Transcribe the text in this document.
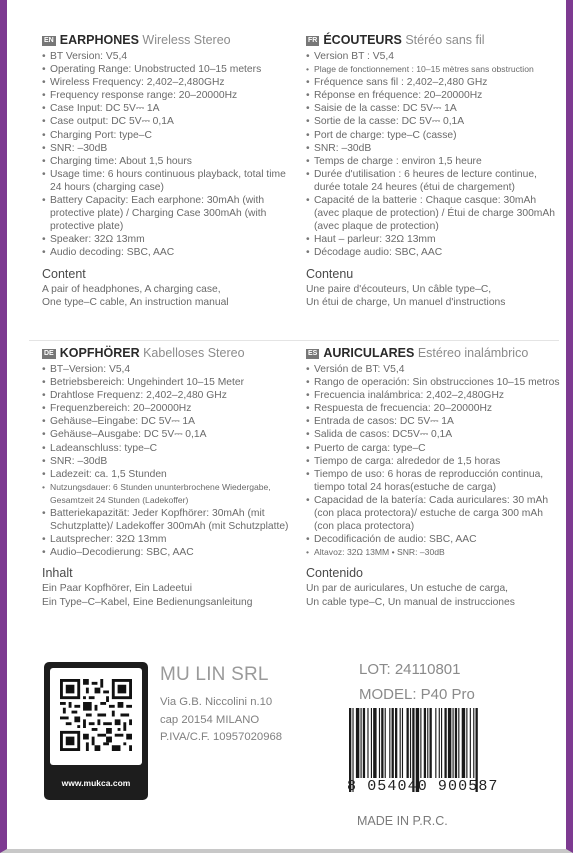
EN EARPHONES Wireless Stereo
• BT Version: V5,4
• Operating Range: Unobstructed 10–15 meters
• Wireless Frequency: 2,402–2,480GHz
• Frequency response range: 20–20000Hz
• Case Input: DC 5V⎓ 1A
• Case output: DC 5V⎓ 0,1A
• Charging Port: type–C
• SNR: –30dB
• Charging time: About 1,5 hours
• Usage time: 6 hours continuous playback, total time 24 hours (charging case)
• Battery Capacity: Each earphone: 30mAh (with protective plate) / Charging Case 300mAh (with protective plate)
• Speaker: 32Ω 13mm
• Audio decoding: SBC, AAC
Content

A pair of headphones, A charging case,

One type–C cable, An instruction manual

FR ÉCOUTEURS Stéréo sans fil
• Version BT : V5,4
• Plage de fonctionnement : 10–15 mètres sans obstruction
• Fréquence sans fil : 2,402–2,480 GHz
• Réponse en fréquence: 20–20000Hz
• Saisie de la casse: DC 5V⎓ 1A
• Sortie de la casse: DC 5V⎓ 0,1A
• Port de charge: type–C (casse)
• SNR: –30dB
• Temps de charge : environ 1,5 heure
• Durée d'utilisation : 6 heures de lecture continue, durée totale 24 heures (étui de chargement)
• Capacité de la batterie : Chaque casque: 30mAh (avec plaque de protection) / Étui de charge 300mAh (avec plaque de protection)
• Haut – parleur: 32Ω 13mm
• Décodage audio: SBC, AAC
Contenu

Une paire d'écouteurs, Un câble type–C,

Un étui de charge, Un manuel d'instructions

DE KOPFHÖRER Kabelloses Stereo
• BT–Version: V5,4
• Betriebsbereich: Ungehindert 10–15 Meter
• Drahtlose Frequenz: 2,402–2,480 GHz
• Frequenzbereich: 20–20000Hz
• Gehäuse–Eingabe: DC 5V⎓ 1A
• Gehäuse–Ausgabe: DC 5V⎓ 0,1A
• Ladeanschluss: type–C
• SNR: –30dB
• Ladezeit: ca. 1,5 Stunden
• Nutzungsdauer: 6 Stunden ununterbrochene Wiedergabe, Gesamtzeit 24 Stunden (Ladekoffer)
• Batteriekapazität: Jeder Kopfhörer: 30mAh (mit Schutzplatte)/ Ladekoffer 300mAh (mit Schutzplatte)
• Lautsprecher: 32Ω 13mm
• Audio–Decodierung: SBC, AAC
Inhalt

Ein Paar Kopfhörer, Ein Ladeetui

Ein Type–C–Kabel, Eine Bedienungsanleitung

ES AURICULARES Estéreo inalámbrico
• Versión de BT: V5,4
• Rango de operación: Sin obstrucciones 10–15 metros
• Frecuencia inalámbrica: 2,402–2,480GHz
• Respuesta de frecuencia: 20–20000Hz
• Entrada de casos: DC 5V⎓ 1A
• Salida de casos: DC5V⎓ 0,1A
• Puerto de carga: type–C
• Tiempo de carga: alrededor de 1,5 horas
• Tiempo de uso: 6 horas de reproducción continua, tiempo total 24 horas(estuche de carga)
• Capacidad de la batería: Cada auriculares: 30 mAh (con placa protectora)/ estuche de carga 300 mAh (con placa protectora)
• Decodificación de audio: SBC, AAC
• Altavoz: 32Ω 13MM • SNR: –30dB
Contenido

Un par de auriculares, Un estuche de carga,

Un cable type–C, Un manual de instrucciones

www.mukca.com
MU LIN SRL
Via G.B. Niccolini n.10
cap 20154 MILANO
P.IVA/C.F. 10957020968
LOT: 24110801
MODEL: P40 Pro
8 054040 900587
MADE IN P.R.C.
